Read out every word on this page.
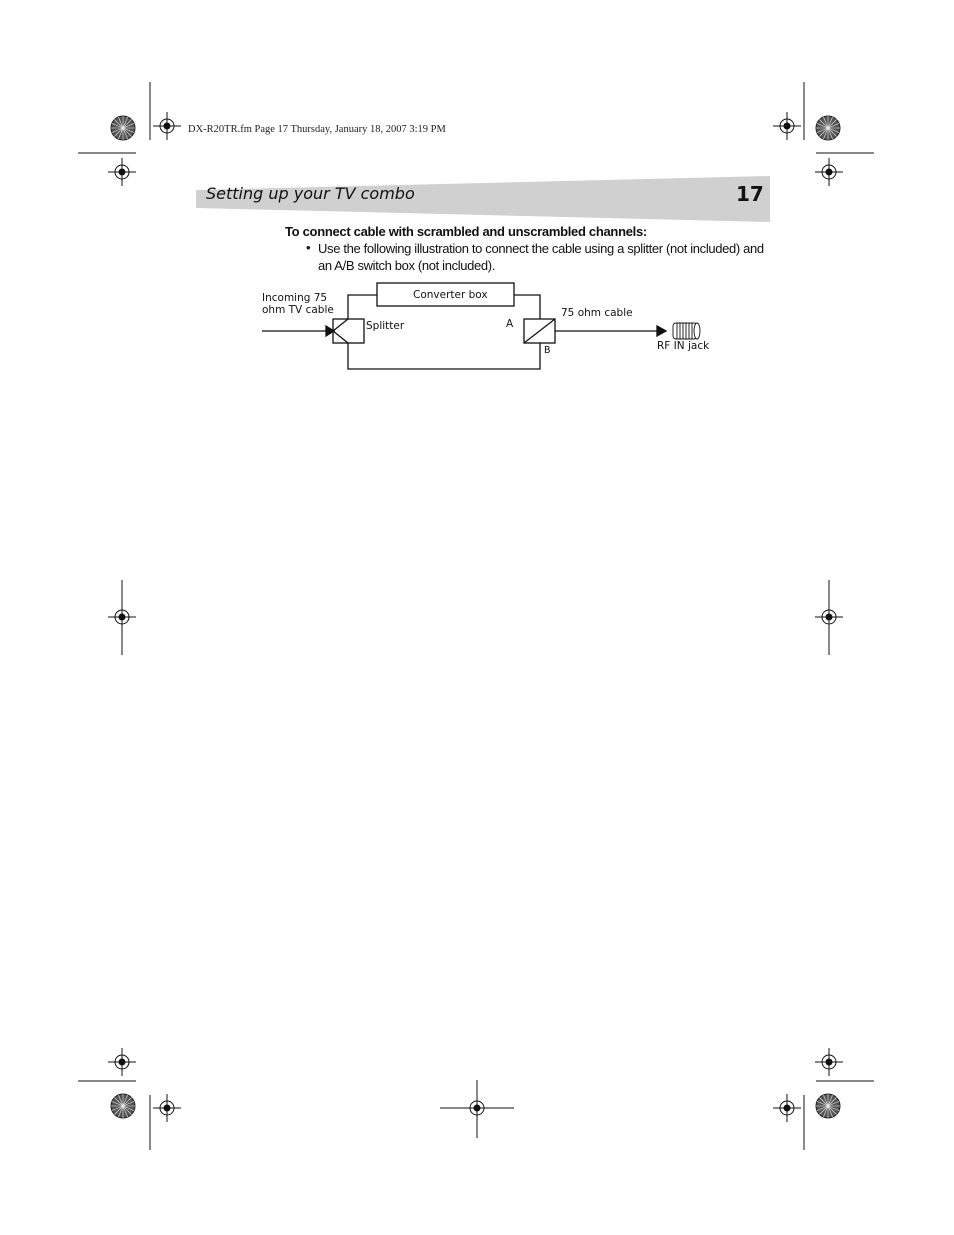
DX-R20TR.fm Page 17 Thursday, January 18, 2007 3:19 PM
Setting up your TV combo	17
To connect cable with scrambled and unscrambled channels:
• Use the following illustration to connect the cable using a splitter (not included) and an A/B switch box (not included).
Incoming 75
ohm TV cable
Converter box
Splitter	A
B
75 ohm cable
RF IN jack
